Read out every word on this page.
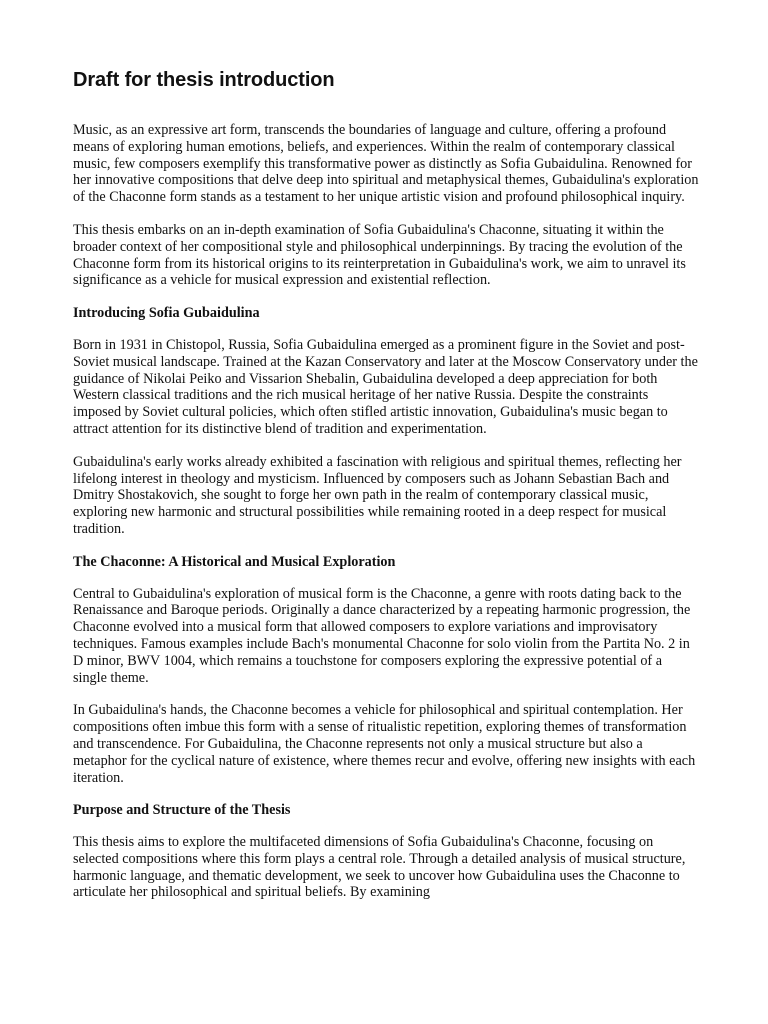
Draft for thesis introduction

Music, as an expressive art form, transcends the boundaries of language and culture, offering a profound means of exploring human emotions, beliefs, and experiences. Within the realm of contemporary classical music, few composers exemplify this transformative power as distinctly as Sofia Gubaidulina. Renowned for her innovative compositions that delve deep into spiritual and metaphysical themes, Gubaidulina's exploration of the Chaconne form stands as a testament to her unique artistic vision and profound philosophical inquiry.

This thesis embarks on an in-depth examination of Sofia Gubaidulina's Chaconne, situating it within the broader context of her compositional style and philosophical underpinnings. By tracing the evolution of the Chaconne form from its historical origins to its reinterpretation in Gubaidulina's work, we aim to unravel its significance as a vehicle for musical expression and existential reflection.

Introducing Sofia Gubaidulina

Born in 1931 in Chistopol, Russia, Sofia Gubaidulina emerged as a prominent figure in the Soviet and post-Soviet musical landscape. Trained at the Kazan Conservatory and later at the Moscow Conservatory under the guidance of Nikolai Peiko and Vissarion Shebalin, Gubaidulina developed a deep appreciation for both Western classical traditions and the rich musical heritage of her native Russia. Despite the constraints imposed by Soviet cultural policies, which often stifled artistic innovation, Gubaidulina's music began to attract attention for its distinctive blend of tradition and experimentation.

Gubaidulina's early works already exhibited a fascination with religious and spiritual themes, reflecting her lifelong interest in theology and mysticism. Influenced by composers such as Johann Sebastian Bach and Dmitry Shostakovich, she sought to forge her own path in the realm of contemporary classical music, exploring new harmonic and structural possibilities while remaining rooted in a deep respect for musical tradition.

The Chaconne: A Historical and Musical Exploration

Central to Gubaidulina's exploration of musical form is the Chaconne, a genre with roots dating back to the Renaissance and Baroque periods. Originally a dance characterized by a repeating harmonic progression, the Chaconne evolved into a musical form that allowed composers to explore variations and improvisatory techniques. Famous examples include Bach's monumental Chaconne for solo violin from the Partita No. 2 in D minor, BWV 1004, which remains a touchstone for composers exploring the expressive potential of a single theme.

In Gubaidulina's hands, the Chaconne becomes a vehicle for philosophical and spiritual contemplation. Her compositions often imbue this form with a sense of ritualistic repetition, exploring themes of transformation and transcendence. For Gubaidulina, the Chaconne represents not only a musical structure but also a metaphor for the cyclical nature of existence, where themes recur and evolve, offering new insights with each iteration.

Purpose and Structure of the Thesis

This thesis aims to explore the multifaceted dimensions of Sofia Gubaidulina's Chaconne, focusing on selected compositions where this form plays a central role. Through a detailed analysis of musical structure, harmonic language, and thematic development, we seek to uncover how Gubaidulina uses the Chaconne to articulate her philosophical and spiritual beliefs. By examining
